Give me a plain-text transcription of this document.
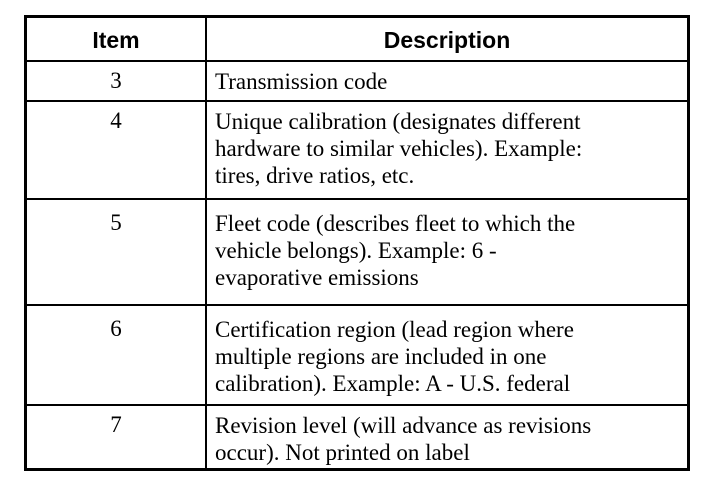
Item	Description
3	Transmission code
4	Unique calibration (designates different
hardware to similar vehicles). Example:
tires, drive ratios, etc.
5	Fleet code (describes fleet to which the
vehicle belongs). Example: 6 -
evaporative emissions
6	Certification region (lead region where
multiple regions are included in one
calibration). Example: A - U.S. federal
7	Revision level (will advance as revisions
occur). Not printed on label
